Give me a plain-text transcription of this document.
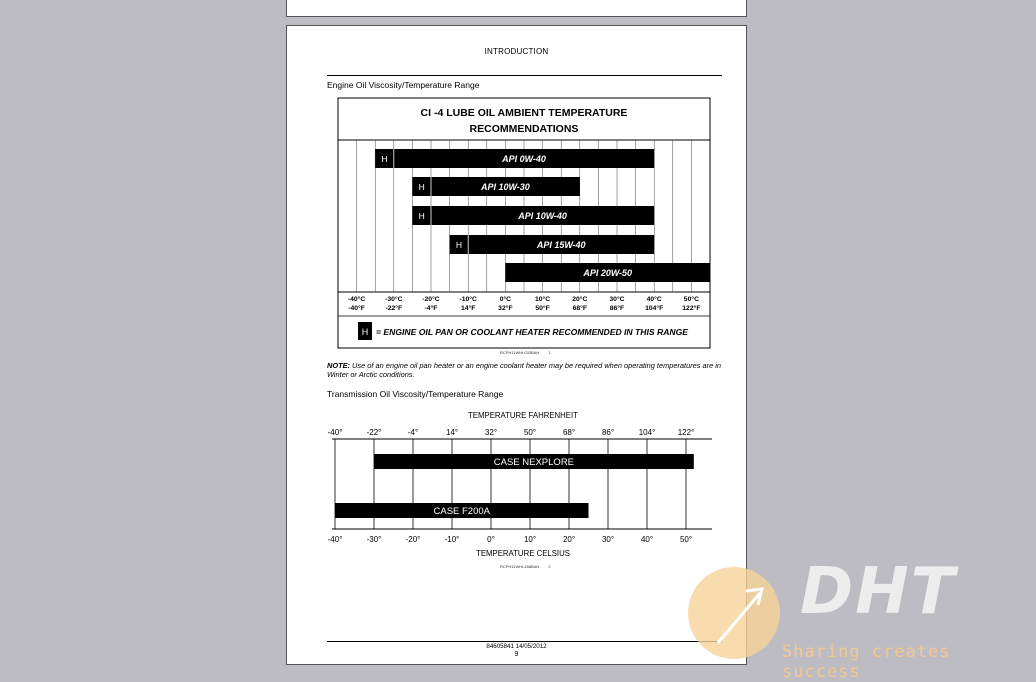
INTRODUCTION
Engine Oil Viscosity/Temperature Range
CI -4 LUBE OIL AMBIENT TEMPERATURE
RECOMMENDATIONS
H	API 0W-40
H	API 10W-30
H	API 10W-40
H	API 15W-40
API 20W-50
-40°C
-40°F
-30°C
-22°F
-20°C
-4°F
-10°C
14°F
0°C
32°F
10°C
50°F
20°C
68°F
30°C
86°F
40°C
104°F
50°C
122°F
H = ENGINE OIL PAN OR COOLANT HEATER RECOMMENDED IN THIS RANGE
RCPH11WHL033BAH 1
NOTE: Use of an engine oil pan heater or an engine coolant heater may be required when operating temperatures are in Winter or Arctic conditions.
Transmission Oil Viscosity/Temperature Range
TEMPERATURE FAHRENHEIT
TEMPERATURE CELSIUS
CASE NEXPLORE
CASE F200A
-40°
-40°
-22°
-30°
-4°
-20°
14°
-10°
32°
0°
50°
10°
68°
20°
86°
30°
104°
40°
122°
50°
RCPH11WHL458BAH 2
84605841 14/05/2012
9
DHT
Sharing creates success
